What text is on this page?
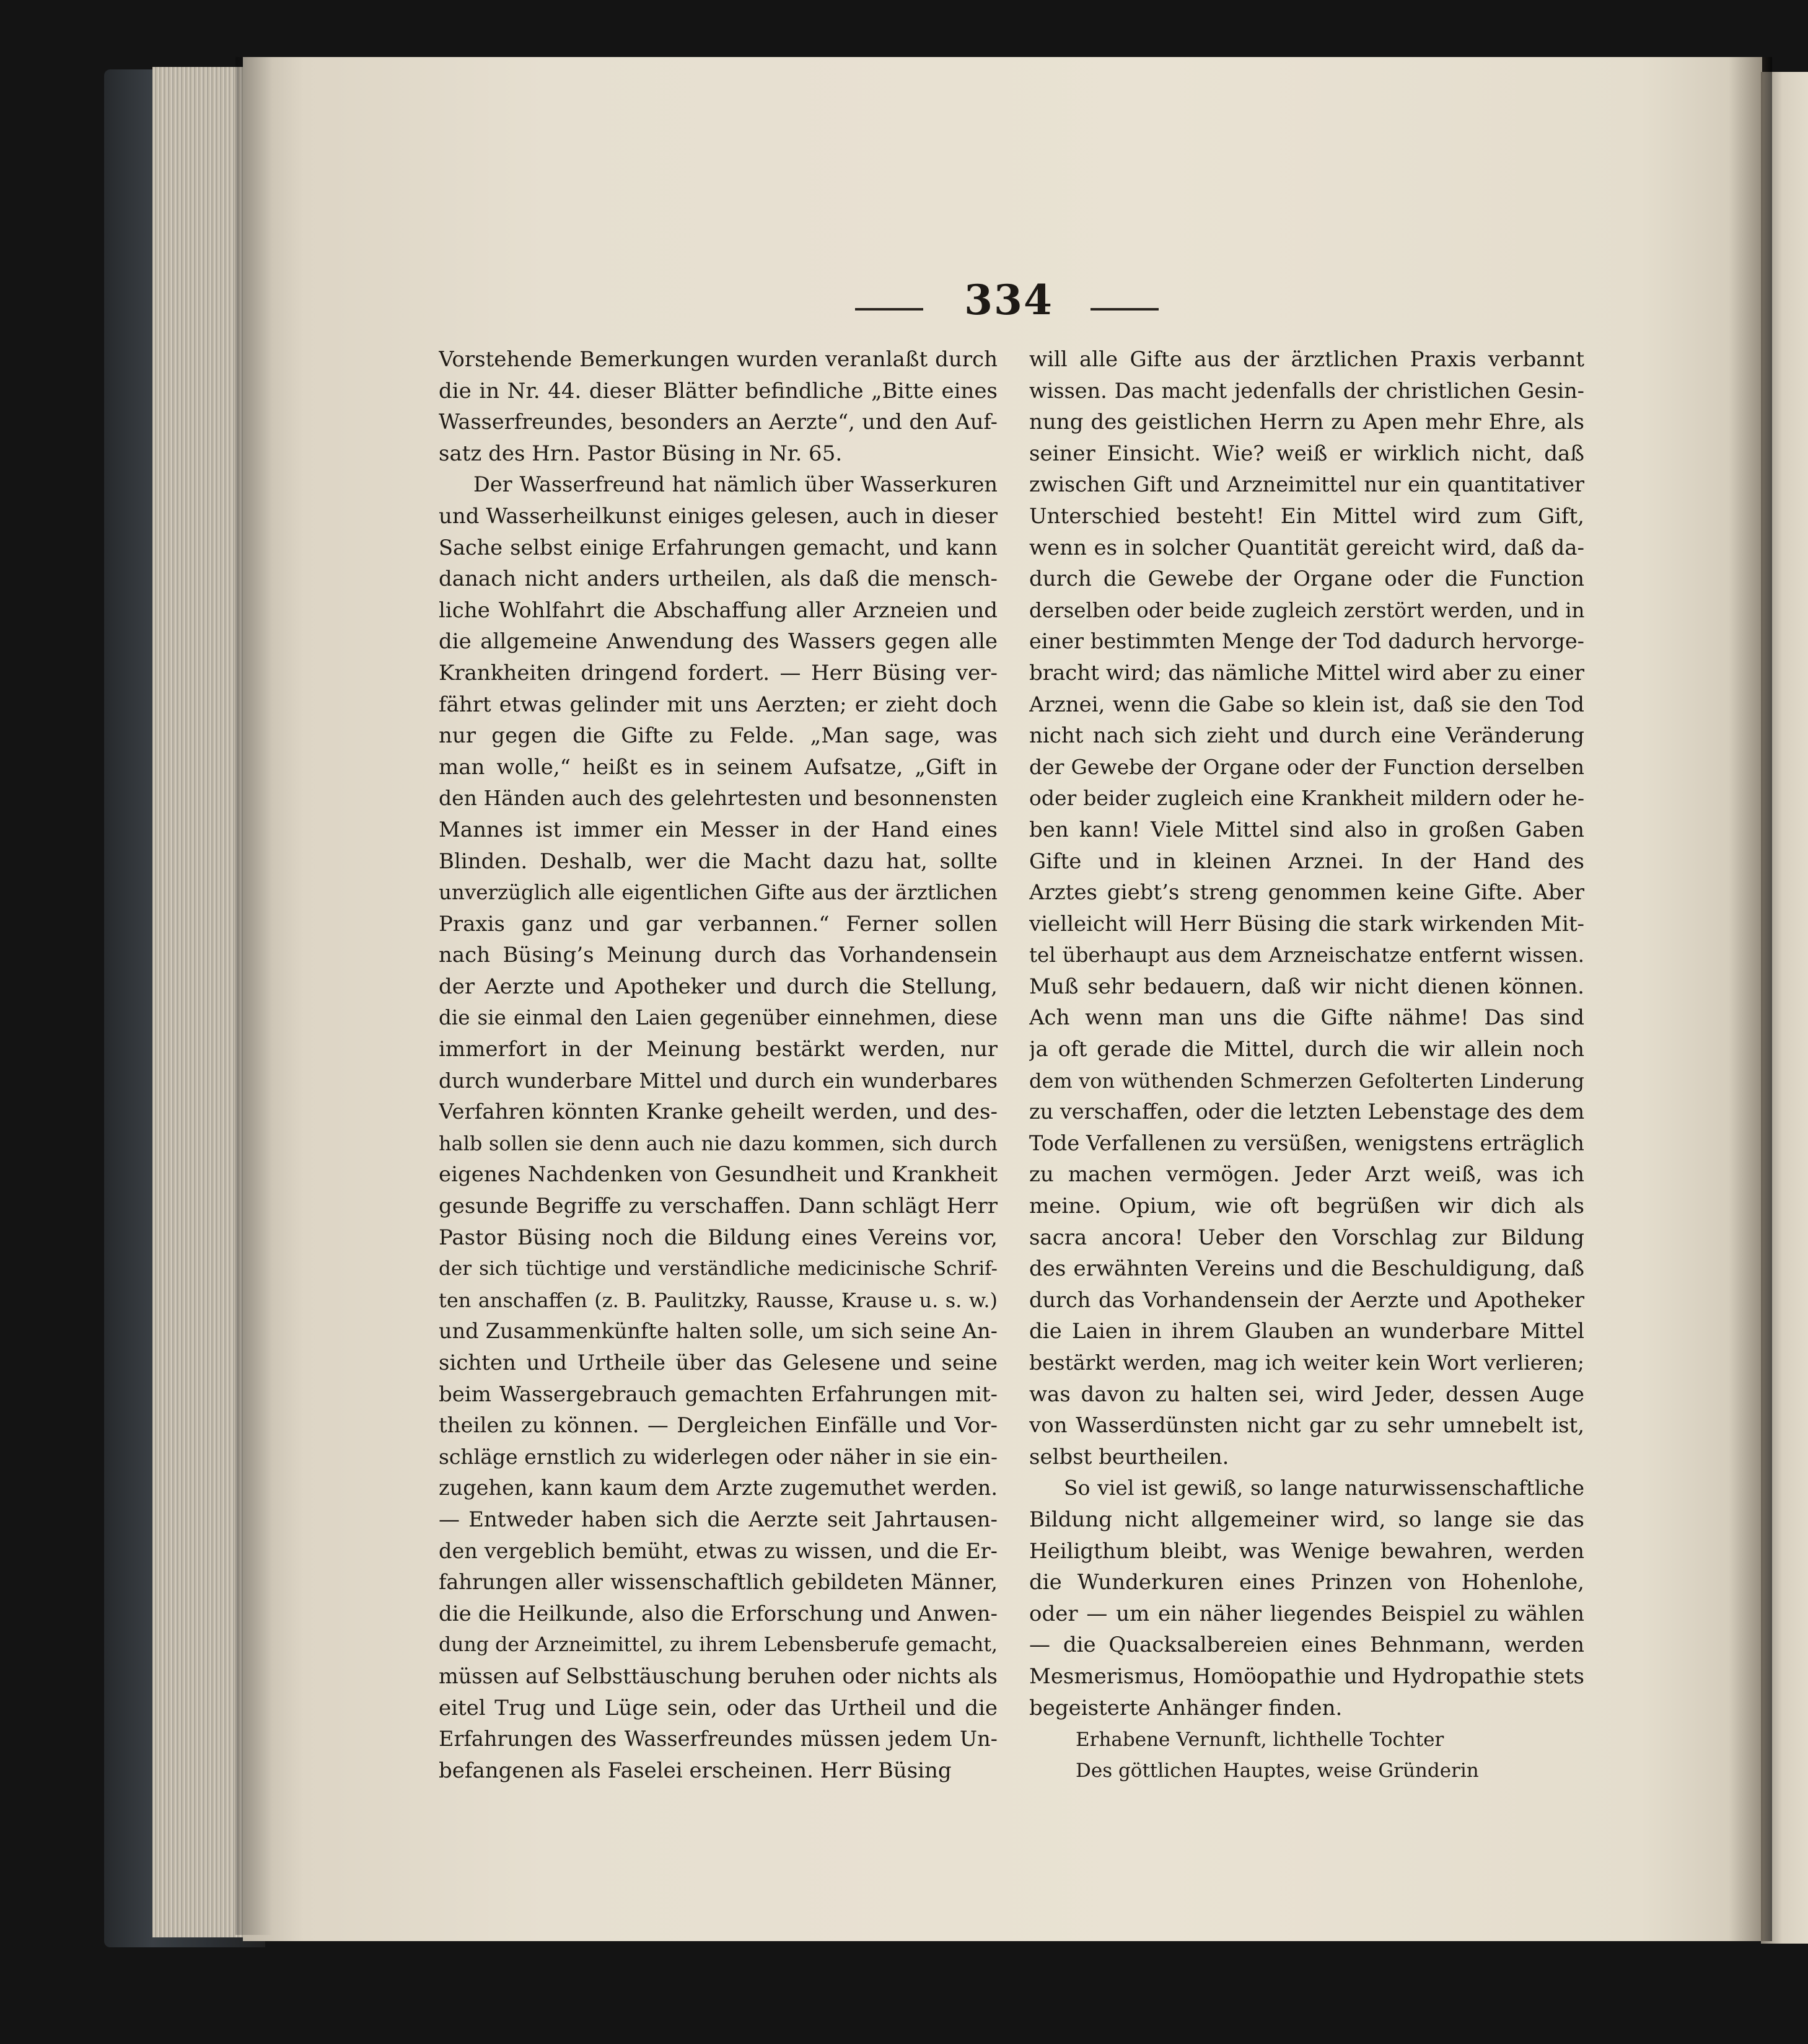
334
Vorstehende Bemerkungen wurden veranlaßt durch
die in Nr. 44. dieser Blätter befindliche „Bitte eines
Wasserfreundes, besonders an Aerzte“, und den Auf-
satz des Hrn. Pastor Büsing in Nr. 65.
Der Wasserfreund hat nämlich über Wasserkuren
und Wasserheilkunst einiges gelesen, auch in dieser
Sache selbst einige Erfahrungen gemacht, und kann
danach nicht anders urtheilen, als daß die mensch-
liche Wohlfahrt die Abschaffung aller Arzneien und
die allgemeine Anwendung des Wassers gegen alle
Krankheiten dringend fordert. — Herr Büsing ver-
fährt etwas gelinder mit uns Aerzten; er zieht doch
nur gegen die Gifte zu Felde. „Man sage, was
man wolle,“ heißt es in seinem Aufsatze, „Gift in
den Händen auch des gelehrtesten und besonnensten
Mannes ist immer ein Messer in der Hand eines
Blinden. Deshalb, wer die Macht dazu hat, sollte
unverzüglich alle eigentlichen Gifte aus der ärztlichen
Praxis ganz und gar verbannen.“ Ferner sollen
nach Büsing’s Meinung durch das Vorhandensein
der Aerzte und Apotheker und durch die Stellung,
die sie einmal den Laien gegenüber einnehmen, diese
immerfort in der Meinung bestärkt werden, nur
durch wunderbare Mittel und durch ein wunderbares
Verfahren könnten Kranke geheilt werden, und des-
halb sollen sie denn auch nie dazu kommen, sich durch
eigenes Nachdenken von Gesundheit und Krankheit
gesunde Begriffe zu verschaffen. Dann schlägt Herr
Pastor Büsing noch die Bildung eines Vereins vor,
der sich tüchtige und verständliche medicinische Schrif-
ten anschaffen (z. B. Paulitzky, Rausse, Krause u. s. w.)
und Zusammenkünfte halten solle, um sich seine An-
sichten und Urtheile über das Gelesene und seine
beim Wassergebrauch gemachten Erfahrungen mit-
theilen zu können. — Dergleichen Einfälle und Vor-
schläge ernstlich zu widerlegen oder näher in sie ein-
zugehen, kann kaum dem Arzte zugemuthet werden.
— Entweder haben sich die Aerzte seit Jahrtausen-
den vergeblich bemüht, etwas zu wissen, und die Er-
fahrungen aller wissenschaftlich gebildeten Männer,
die die Heilkunde, also die Erforschung und Anwen-
dung der Arzneimittel, zu ihrem Lebensberufe gemacht,
müssen auf Selbsttäuschung beruhen oder nichts als
eitel Trug und Lüge sein, oder das Urtheil und die
Erfahrungen des Wasserfreundes müssen jedem Un-
befangenen als Faselei erscheinen. Herr Büsing
will alle Gifte aus der ärztlichen Praxis verbannt
wissen. Das macht jedenfalls der christlichen Gesin-
nung des geistlichen Herrn zu Apen mehr Ehre, als
seiner Einsicht. Wie? weiß er wirklich nicht, daß
zwischen Gift und Arzneimittel nur ein quantitativer
Unterschied besteht! Ein Mittel wird zum Gift,
wenn es in solcher Quantität gereicht wird, daß da-
durch die Gewebe der Organe oder die Function
derselben oder beide zugleich zerstört werden, und in
einer bestimmten Menge der Tod dadurch hervorge-
bracht wird; das nämliche Mittel wird aber zu einer
Arznei, wenn die Gabe so klein ist, daß sie den Tod
nicht nach sich zieht und durch eine Veränderung
der Gewebe der Organe oder der Function derselben
oder beider zugleich eine Krankheit mildern oder he-
ben kann! Viele Mittel sind also in großen Gaben
Gifte und in kleinen Arznei. In der Hand des
Arztes giebt’s streng genommen keine Gifte. Aber
vielleicht will Herr Büsing die stark wirkenden Mit-
tel überhaupt aus dem Arzneischatze entfernt wissen.
Muß sehr bedauern, daß wir nicht dienen können.
Ach wenn man uns die Gifte nähme! Das sind
ja oft gerade die Mittel, durch die wir allein noch
dem von wüthenden Schmerzen Gefolterten Linderung
zu verschaffen, oder die letzten Lebenstage des dem
Tode Verfallenen zu versüßen, wenigstens erträglich
zu machen vermögen. Jeder Arzt weiß, was ich
meine. Opium, wie oft begrüßen wir dich als
sacra ancora! Ueber den Vorschlag zur Bildung
des erwähnten Vereins und die Beschuldigung, daß
durch das Vorhandensein der Aerzte und Apotheker
die Laien in ihrem Glauben an wunderbare Mittel
bestärkt werden, mag ich weiter kein Wort verlieren;
was davon zu halten sei, wird Jeder, dessen Auge
von Wasserdünsten nicht gar zu sehr umnebelt ist,
selbst beurtheilen.
So viel ist gewiß, so lange naturwissenschaftliche
Bildung nicht allgemeiner wird, so lange sie das
Heiligthum bleibt, was Wenige bewahren, werden
die Wunderkuren eines Prinzen von Hohenlohe,
oder — um ein näher liegendes Beispiel zu wählen
— die Quacksalbereien eines Behnmann, werden
Mesmerismus, Homöopathie und Hydropathie stets
begeisterte Anhänger finden.
Erhabene Vernunft, lichthelle Tochter
Des göttlichen Hauptes, weise Gründerin
